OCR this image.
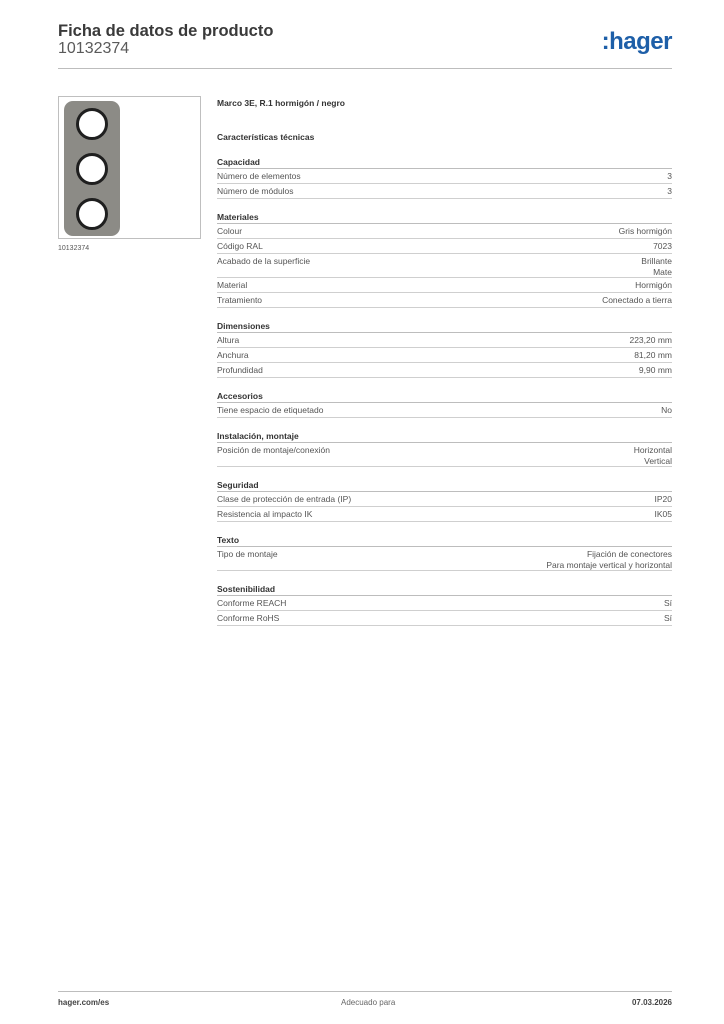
Ficha de datos de producto
10132374	:hager
10132374
Marco 3E, R.1 hormigón / negro
Características técnicas
Capacidad
Número de elementos	3
Número de módulos	3
Materiales
Colour	Gris hormigón
Código RAL	7023
Acabado de la superficie	Brillante
Mate
Material	Hormigón
Tratamiento	Conectado a tierra
Dimensiones
Altura	223,20 mm
Anchura	81,20 mm
Profundidad	9,90 mm
Accesorios
Tiene espacio de etiquetado	No
Instalación, montaje
Posición de montaje/conexión	Horizontal
Vertical
Seguridad
Clase de protección de entrada (IP)	IP20
Resistencia al impacto IK	IK05
Texto
Tipo de montaje	Fijación de conectores
Para montaje vertical y horizontal
Sostenibilidad
Conforme REACH	Sí
Conforme RoHS	Sí
hager.com/es	Adecuado para	07.03.2026
